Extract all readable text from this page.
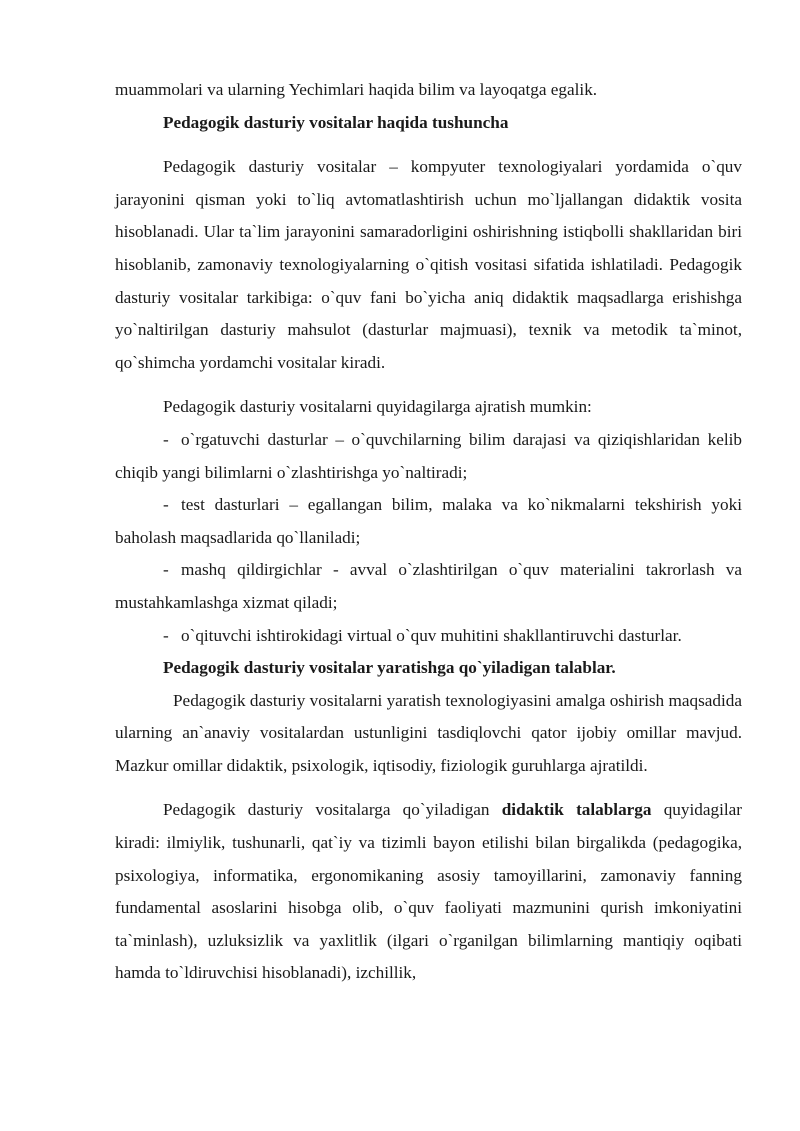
muammolari va ularning Yechimlari haqida bilim va layoqatga egalik.

Pedagogik dasturiy vositalar haqida tushuncha

Pedagogik dasturiy vositalar – kompyuter texnologiyalari yordamida o`quv jarayonini qisman yoki to`liq avtomatlashtirish uchun mo`ljallangan didaktik vosita hisoblanadi. Ular ta`lim jarayonini samaradorligini oshirishning istiqbolli shakllaridan biri hisoblanib, zamonaviy texnologiyalarning o`qitish vositasi sifatida ishlatiladi. Pedagogik dasturiy vositalar tarkibiga: o`quv fani bo`yicha aniq didaktik maqsadlarga erishishga yo`naltirilgan dasturiy mahsulot (dasturlar majmuasi), texnik va metodik ta`minot, qo`shimcha yordamchi vositalar kiradi.

Pedagogik dasturiy vositalarni quyidagilarga ajratish mumkin:

- o`rgatuvchi dasturlar – o`quvchilarning bilim darajasi va qiziqishlaridan kelib chiqib yangi bilimlarni o`zlashtirishga yo`naltiradi;

- test dasturlari – egallangan bilim, malaka va ko`nikmalarni tekshirish yoki baholash maqsadlarida qo`llaniladi;

- mashq qildirgichlar - avval o`zlashtirilgan o`quv materialini takrorlash va mustahkamlashga xizmat qiladi;

- o`qituvchi ishtirokidagi virtual o`quv muhitini shakllantiruvchi dasturlar.

Pedagogik dasturiy vositalar yaratishga qo`yiladigan talablar.

Pedagogik dasturiy vositalarni yaratish texnologiyasini amalga oshirish maqsadida ularning an`anaviy vositalardan ustunligini tasdiqlovchi qator ijobiy omillar mavjud. Mazkur omillar didaktik, psixologik, iqtisodiy, fiziologik guruhlarga ajratildi.

Pedagogik dasturiy vositalarga qo`yiladigan didaktik talablarga quyidagilar kiradi: ilmiylik, tushunarli, qat`iy va tizimli bayon etilishi bilan birgalikda (pedagogika, psixologiya, informatika, ergonomikaning asosiy tamoyillarini, zamonaviy fanning fundamental asoslarini hisobga olib, o`quv faoliyati mazmunini qurish imkoniyatini ta`minlash), uzluksizlik va yaxlitlik (ilgari o`rganilgan bilimlarning mantiqiy oqibati hamda to`ldiruvchisi hisoblanadi), izchillik,
